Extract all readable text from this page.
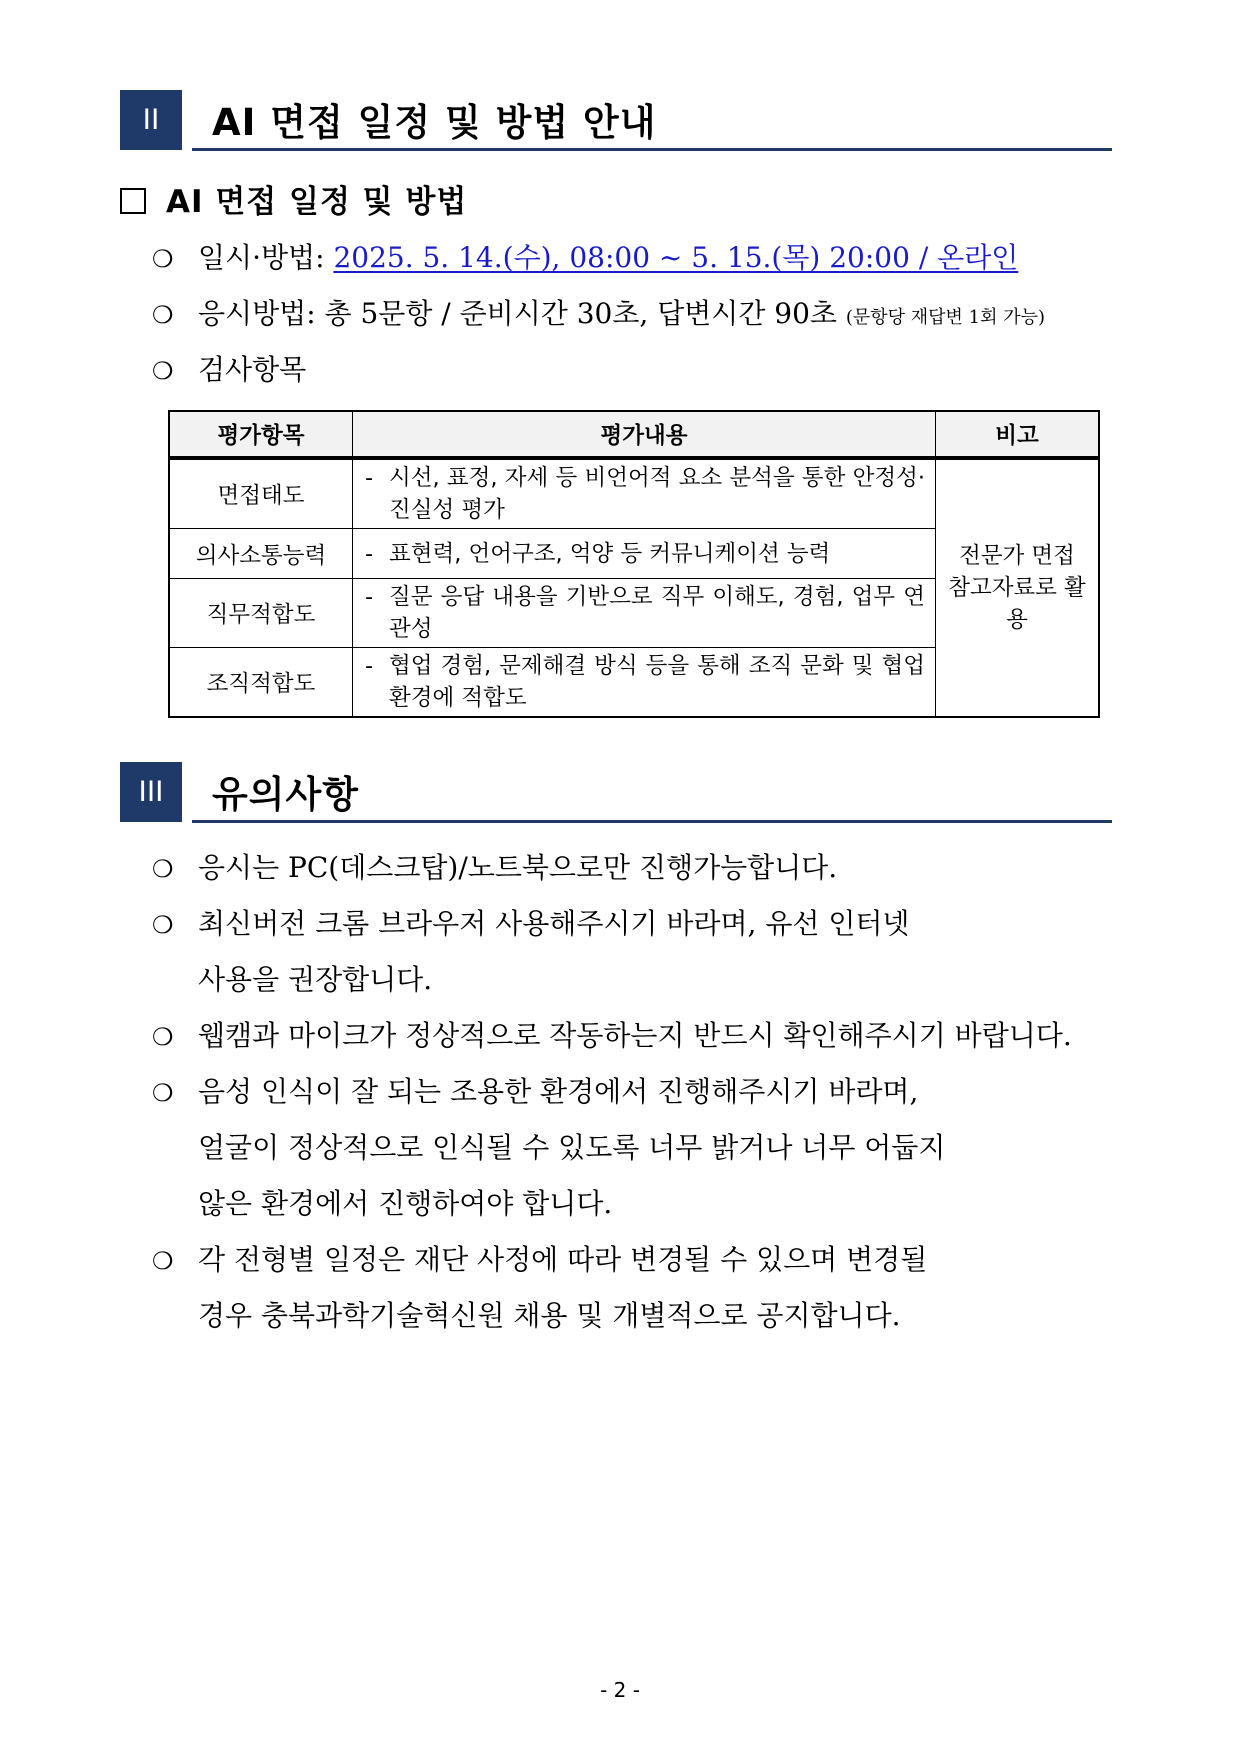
II	AI 면접 일정 및 방법 안내
AI 면접 일정 및 방법
❍ 일시·방법: 2025. 5. 14.(수), 08:00 ~ 5. 15.(목) 20:00 / 온라인
❍ 응시방법: 총 5문항 / 준비시간 30초, 답변시간 90초 (문항당 재답변 1회 가능)
❍ 검사항목
평가항목	평가내용	비고
면접태도	- 시선, 표정, 자세 등 비언어적 요소 분석을 통한 안정성·진실성 평가	전문가 면접 참고자료로 활용

의사소통능력	- 표현력, 언어구조, 억양 등 커뮤니케이션 능력	

직무적합도	- 질문 응답 내용을 기반으로 직무 이해도, 경험, 업무 연관성	

조직적합도	- 협업 경험, 문제해결 방식 등을 통해 조직 문화 및 협업 환경에 적합도	
III	유의사항
❍ 응시는 PC(데스크탑)/노트북으로만 진행가능합니다.
❍ 최신버전 크롬 브라우저 사용해주시기 바라며, 유선 인터넷
사용을 권장합니다.
❍ 웹캠과 마이크가 정상적으로 작동하는지 반드시 확인해주시기 바랍니다.
❍ 음성 인식이 잘 되는 조용한 환경에서 진행해주시기 바라며,
얼굴이 정상적으로 인식될 수 있도록 너무 밝거나 너무 어둡지
않은 환경에서 진행하여야 합니다.
❍ 각 전형별 일정은 재단 사정에 따라 변경될 수 있으며 변경될
경우 충북과학기술혁신원 채용 및 개별적으로 공지합니다.
- 2 -
